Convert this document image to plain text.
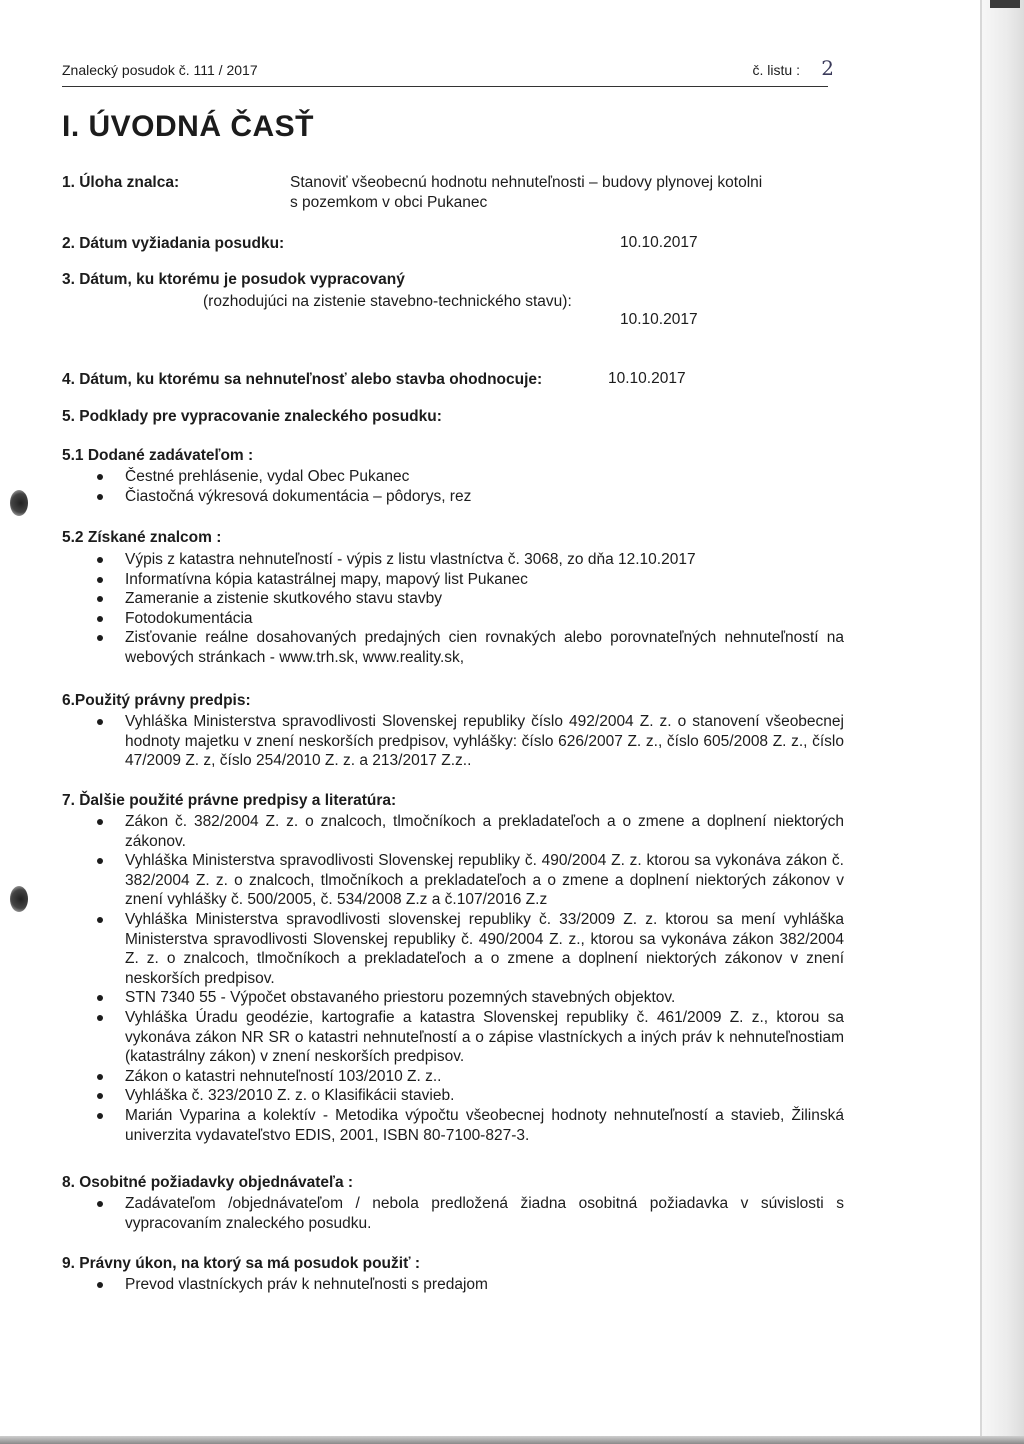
Znalecký posudok č. 111 / 2017	č. listu : 2
I. ÚVODNÁ ČASŤ
1. Úloha znalca:	Stanoviť všeobecnú hodnotu nehnuteľnosti – budovy plynovej kotolni
s pozemkom v obci Pukanec
2. Dátum vyžiadania posudku:	10.10.2017
3. Dátum, ku ktorému je posudok vypracovaný
(rozhodujúci na zistenie stavebno-technického stavu):
10.10.2017
4. Dátum, ku ktorému sa nehnuteľnosť alebo stavba ohodnocuje:	10.10.2017
5. Podklady pre vypracovanie znaleckého posudku:
5.1 Dodané zadávateľom :
Čestné prehlásenie, vydal Obec Pukanec
Čiastočná výkresová dokumentácia – pôdorys, rez
5.2 Získané znalcom :
Výpis z katastra nehnuteľností - výpis z listu vlastníctva č. 3068, zo dňa 12.10.2017
Informatívna kópia katastrálnej mapy, mapový list Pukanec
Zameranie a zistenie skutkového stavu stavby
Fotodokumentácia
Zisťovanie reálne dosahovaných predajných cien rovnakých alebo porovnateľných nehnuteľností na webových stránkach - www.trh.sk, www.reality.sk,
6.Použitý právny predpis:
Vyhláška Ministerstva spravodlivosti Slovenskej republiky číslo 492/2004 Z. z. o stanovení všeobecnej hodnoty majetku v znení neskorších predpisov, vyhlášky: číslo 626/2007 Z. z., číslo 605/2008 Z. z., číslo 47/2009 Z. z, číslo 254/2010 Z. z. a 213/2017 Z.z..
7. Ďalšie použité právne predpisy a literatúra:
Zákon č. 382/2004 Z. z. o znalcoch, tlmočníkoch a prekladateľoch a o zmene a doplnení niektorých zákonov.
Vyhláška Ministerstva spravodlivosti Slovenskej republiky č. 490/2004 Z. z. ktorou sa vykonáva zákon č. 382/2004 Z. z. o znalcoch, tlmočníkoch a prekladateľoch a o zmene a doplnení niektorých zákonov v znení vyhlášky č. 500/2005, č. 534/2008 Z.z a č.107/2016 Z.z
Vyhláška Ministerstva spravodlivosti slovenskej republiky č. 33/2009 Z. z. ktorou sa mení vyhláška Ministerstva spravodlivosti Slovenskej republiky č. 490/2004 Z. z., ktorou sa vykonáva zákon 382/2004 Z. z. o znalcoch, tlmočníkoch a prekladateľoch a o zmene a doplnení niektorých zákonov v znení neskorších predpisov.
STN 7340 55 - Výpočet obstavaného priestoru pozemných stavebných objektov.
Vyhláška Úradu geodézie, kartografie a katastra Slovenskej republiky č. 461/2009 Z. z., ktorou sa vykonáva zákon NR SR o katastri nehnuteľností a o zápise vlastníckych a iných práv k nehnuteľnostiam (katastrálny zákon) v znení neskorších predpisov.
Zákon o katastri nehnuteľností 103/2010 Z. z..
Vyhláška č. 323/2010 Z. z. o Klasifikácii stavieb.
Marián Vyparina a kolektív - Metodika výpočtu všeobecnej hodnoty nehnuteľností a stavieb, Žilinská univerzita vydavateľstvo EDIS, 2001, ISBN 80-7100-827-3.
8. Osobitné požiadavky objednávateľa :
Zadávateľom /objednávateľom / nebola predložená žiadna osobitná požiadavka v súvislosti s vypracovaním znaleckého posudku.
9. Právny úkon, na ktorý sa má posudok použiť :
Prevod vlastníckych práv k nehnuteľnosti s predajom
